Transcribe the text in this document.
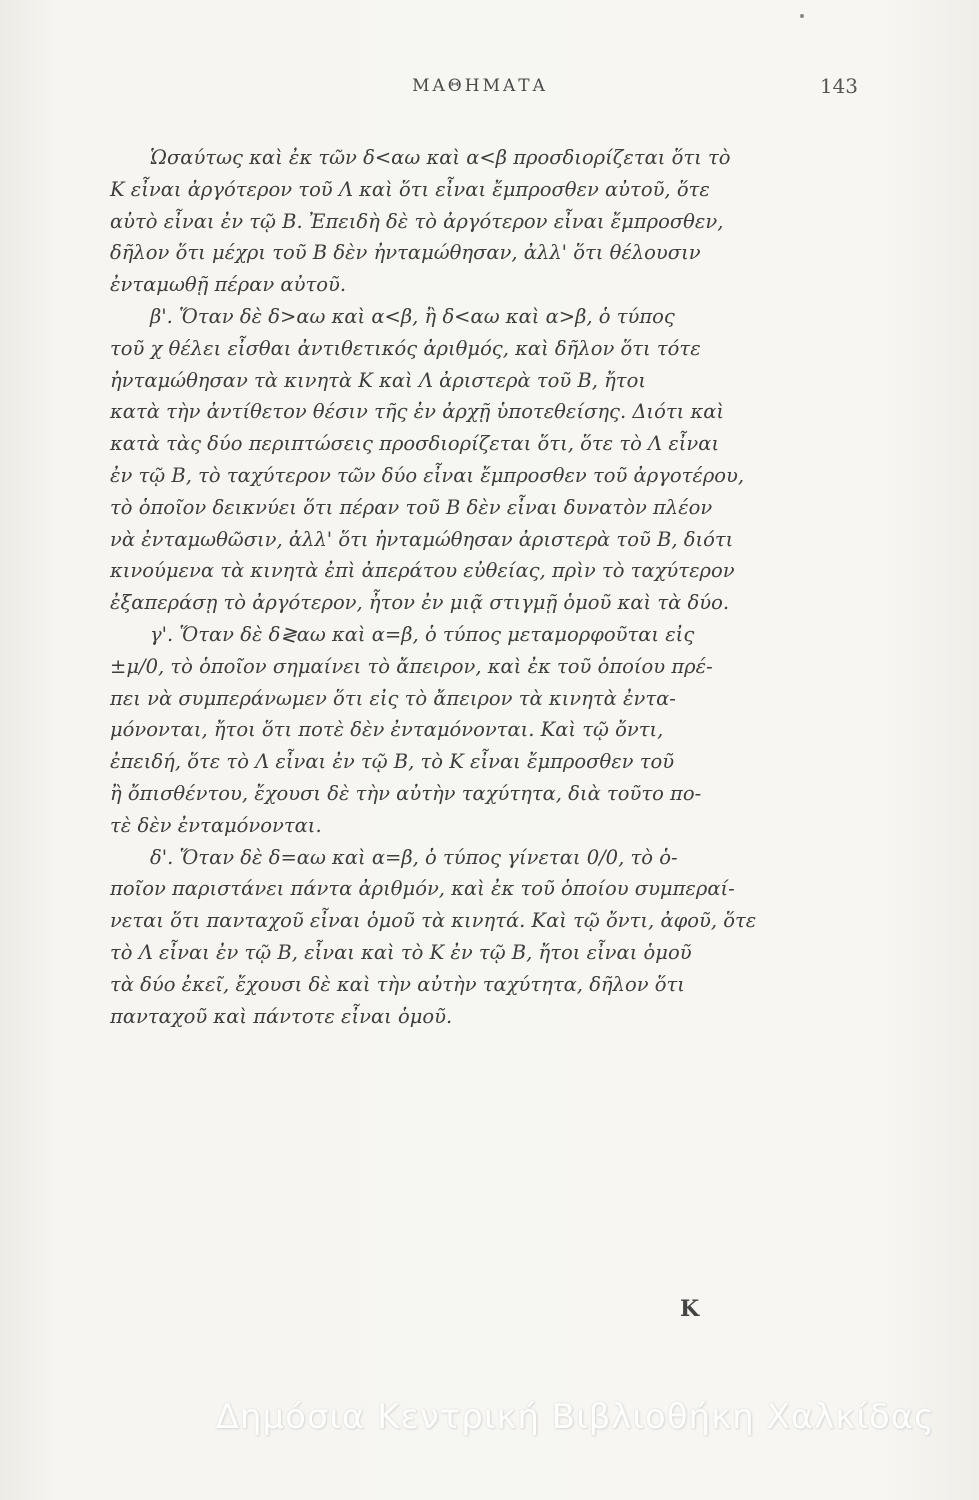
ΜΑΘΗΜΑΤΑ	143
Ὡσαύτως καὶ ἐκ τῶν δ<αω καὶ α<β προσδιορίζεται ὅτι τὸ
Κ εἶναι ἀργότερον τοῦ Λ καὶ ὅτι εἶναι ἔμπροσθεν αὐτοῦ, ὅτε
αὐτὸ εἶναι ἐν τῷ Β. Ἐπειδὴ δὲ τὸ ἀργότερον εἶναι ἔμπροσθεν,
δῆλον ὅτι μέχρι τοῦ Β δὲν ἠνταμώθησαν, ἀλλ' ὅτι θέλουσιν
ἐνταμωθῇ πέραν αὐτοῦ.
β'. Ὅταν δὲ δ>αω καὶ α<β, ἢ δ<αω καὶ α>β, ὁ τύπος
τοῦ χ θέλει εἶσθαι ἀντιθετικός ἀριθμός, καὶ δῆλον ὅτι τότε
ἠνταμώθησαν τὰ κινητὰ Κ καὶ Λ ἀριστερὰ τοῦ Β, ἤτοι
κατὰ τὴν ἀντίθετον θέσιν τῆς ἐν ἀρχῇ ὑποτεθείσης. Διότι καὶ
κατὰ τὰς δύο περιπτώσεις προσδιορίζεται ὅτι, ὅτε τὸ Λ εἶναι
ἐν τῷ Β, τὸ ταχύτερον τῶν δύο εἶναι ἔμπροσθεν τοῦ ἀργοτέρου,
τὸ ὁποῖον δεικνύει ὅτι πέραν τοῦ Β δὲν εἶναι δυνατὸν πλέον
νὰ ἐνταμωθῶσιν, ἀλλ' ὅτι ἠνταμώθησαν ἀριστερὰ τοῦ Β, διότι
κινούμενα τὰ κινητὰ ἐπὶ ἀπεράτου εὐθείας, πρὶν τὸ ταχύτερον
ἐξαπεράσῃ τὸ ἀργότερον, ἦτον ἐν μιᾷ στιγμῇ ὁμοῦ καὶ τὰ δύο.
γ'. Ὅταν δὲ δ≷αω καὶ α=β, ὁ τύπος μεταμορφοῦται εἰς
±μ/0, τὸ ὁποῖον σημαίνει τὸ ἄπειρον, καὶ ἐκ τοῦ ὁποίου πρέ-
πει νὰ συμπεράνωμεν ὅτι εἰς τὸ ἄπειρον τὰ κινητὰ ἐντα-
μόνονται, ἤτοι ὅτι ποτὲ δὲν ἐνταμόνονται. Καὶ τῷ ὄντι,
ἐπειδή, ὅτε τὸ Λ εἶναι ἐν τῷ Β, τὸ Κ εἶναι ἔμπροσθεν τοῦ
ἢ ὄπισθέντου, ἔχουσι δὲ τὴν αὐτὴν ταχύτητα, διὰ τοῦτο πο-
τὲ δὲν ἐνταμόνονται.
δ'. Ὅταν δὲ δ=αω καὶ α=β, ὁ τύπος γίνεται 0/0, τὸ ὁ-
ποῖον παριστάνει πάντα ἀριθμόν, καὶ ἐκ τοῦ ὁποίου συμπεραί-
νεται ὅτι πανταχοῦ εἶναι ὁμοῦ τὰ κινητά. Καὶ τῷ ὄντι, ἀφοῦ, ὅτε
τὸ Λ εἶναι ἐν τῷ Β, εἶναι καὶ τὸ Κ ἐν τῷ Β, ἤτοι εἶναι ὁμοῦ
τὰ δύο ἐκεῖ, ἔχουσι δὲ καὶ τὴν αὐτὴν ταχύτητα, δῆλον ὅτι
πανταχοῦ καὶ πάντοτε εἶναι ὁμοῦ.
Κ
Δημόσια Κεντρική Βιβλιοθήκη Χαλκίδας
